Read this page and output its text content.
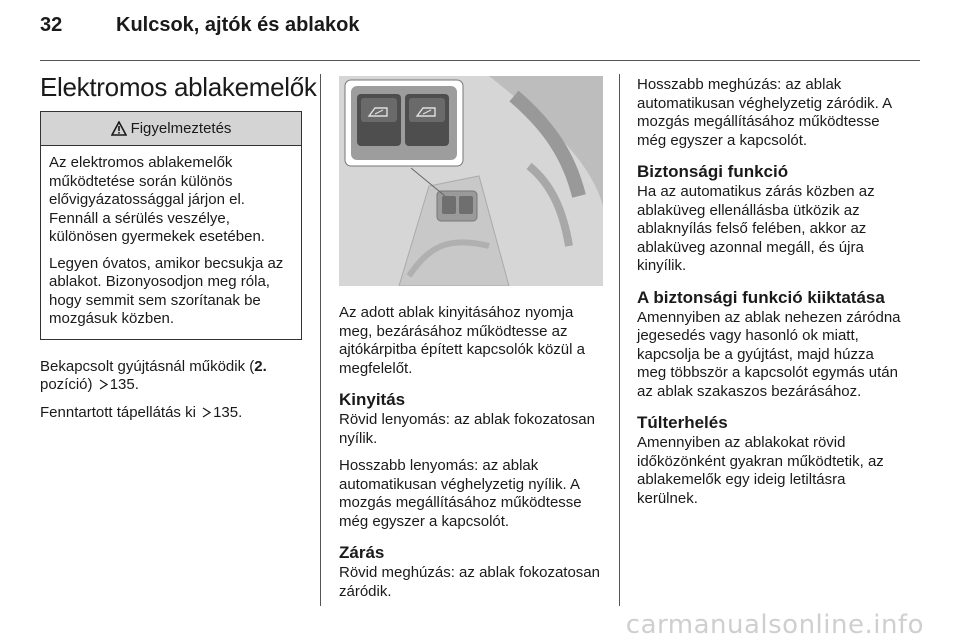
32	Kulcsok, ajtók és ablakok
Elektromos ablakemelők
Figyelmeztetés

Az elektromos ablakemelők működtetése során különös elővigyázatossággal járjon el. Fennáll a sérülés veszélye, különösen gyermekek esetében.

Legyen óvatos, amikor becsukja az ablakot. Bizonyosodjon meg róla, hogy semmit sem szorítanak be mozgásuk közben.

Bekapcsolt gyújtásnál működik (2. pozíció) 135.

Fenntartott tápellátás ki 135.

Az adott ablak kinyitásához nyomja meg, bezárásához működtesse az ajtókárpitba épített kapcsolók közül a megfelelőt.

Kinyitás

Rövid lenyomás: az ablak fokozatosan nyílik.

Hosszabb lenyomás: az ablak automatikusan véghelyzetig nyílik. A mozgás megállításához működtesse még egyszer a kapcsolót.

Zárás

Rövid meghúzás: az ablak fokozatosan záródik.

Hosszabb meghúzás: az ablak automatikusan véghelyzetig záródik. A mozgás megállításához működtesse még egyszer a kapcsolót.

Biztonsági funkció

Ha az automatikus zárás közben az ablaküveg ellenállásba ütközik az ablaknyílás felső felében, akkor az ablaküveg azonnal megáll, és újra kinyílik.

A biztonsági funkció kiiktatása

Amennyiben az ablak nehezen záródna jegesedés vagy hasonló ok miatt, kapcsolja be a gyújtást, majd húzza meg többször a kapcsolót egymás után az ablak szakaszos bezárásához.

Túlterhelés

Amennyiben az ablakokat rövid időközönként gyakran működtetik, az ablakemelők egy ideig letiltásra kerülnek.

carmanualsonline.info
